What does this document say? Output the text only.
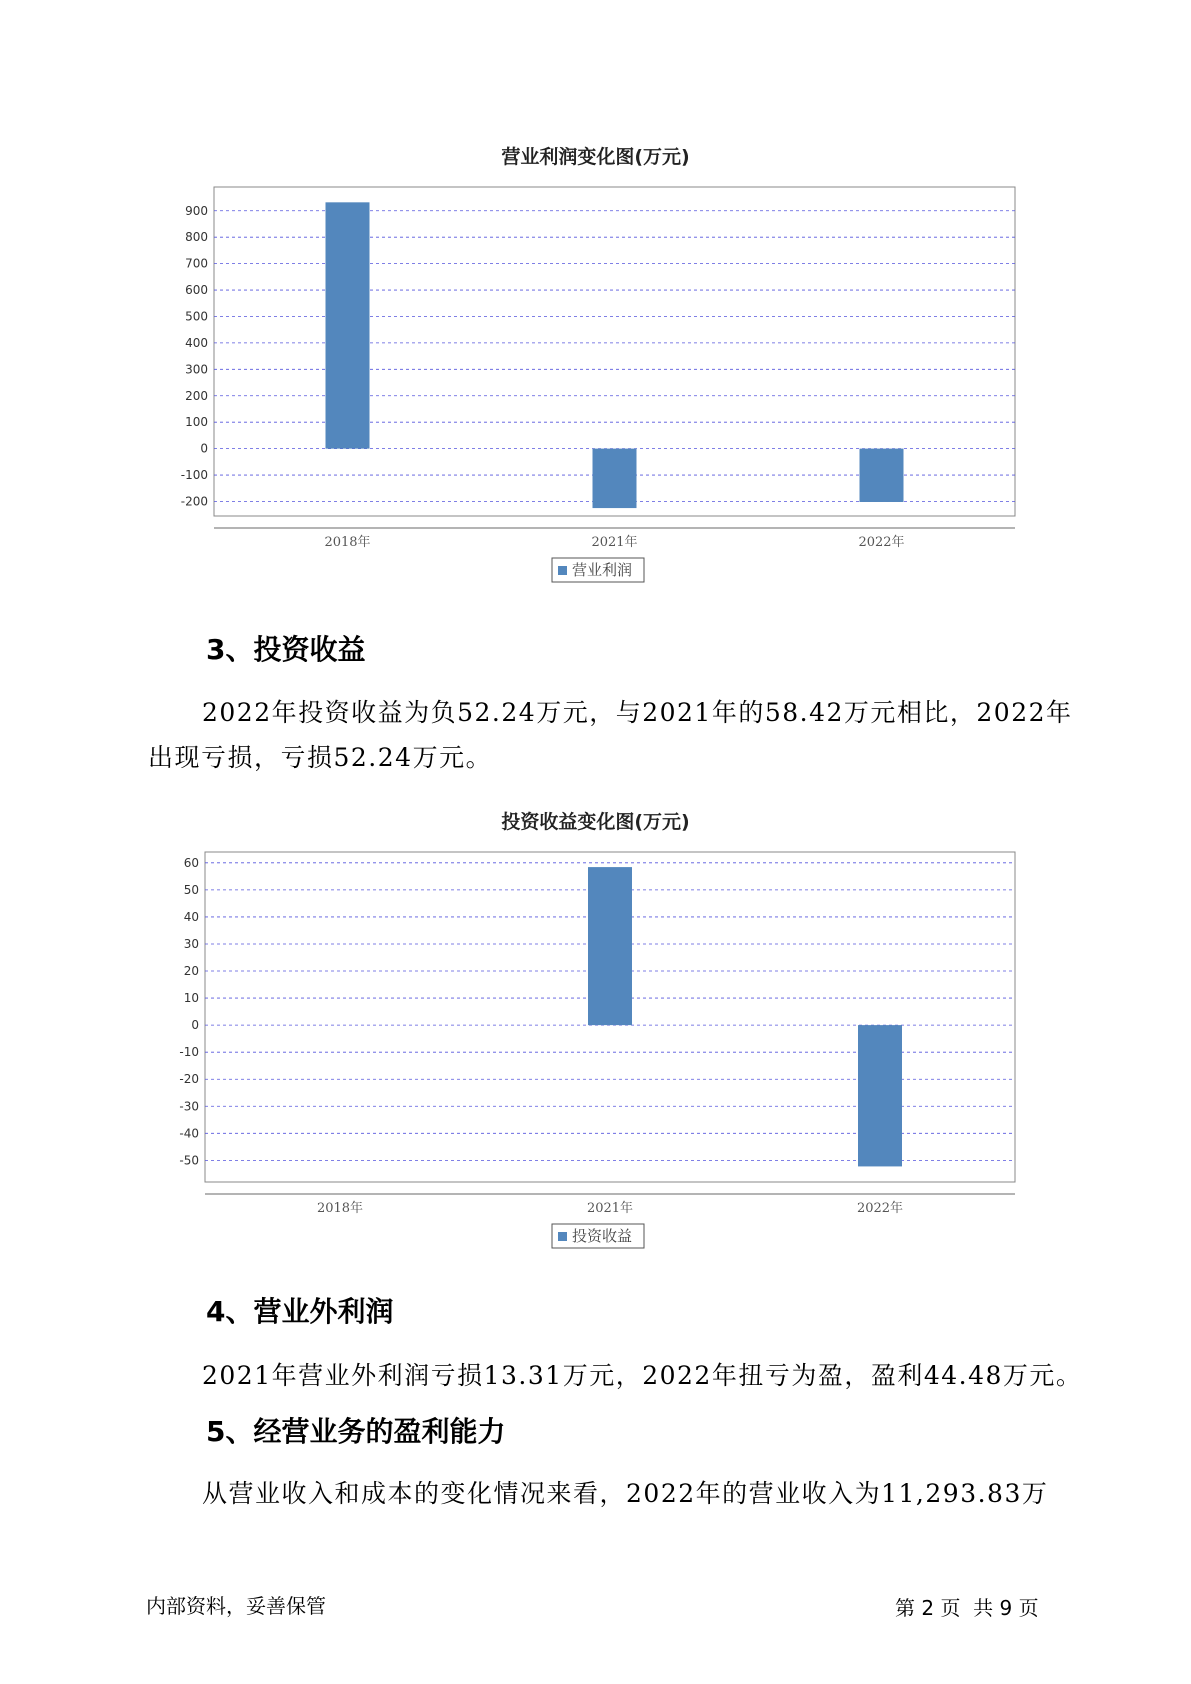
营业利润变化图(万元)
900
800
700
600
500
400
300
200
100
0
-100
-200
2018年	2021年	2022年
营业利润
3、投资收益
2022年投资收益为负52.24万元，与2021年的58.42万元相比，2022年
出现亏损，亏损52.24万元。
投资收益变化图(万元)
60
50
40
30
20
10
0
-10
-20
-30
-40
-50
2018年	2021年	2022年
投资收益
4、营业外利润
2021年营业外利润亏损13.31万元，2022年扭亏为盈，盈利44.48万元。
5、经营业务的盈利能力
从营业收入和成本的变化情况来看，2022年的营业收入为11,293.83万
内部资料，妥善保管	第 2 页  共 9 页
